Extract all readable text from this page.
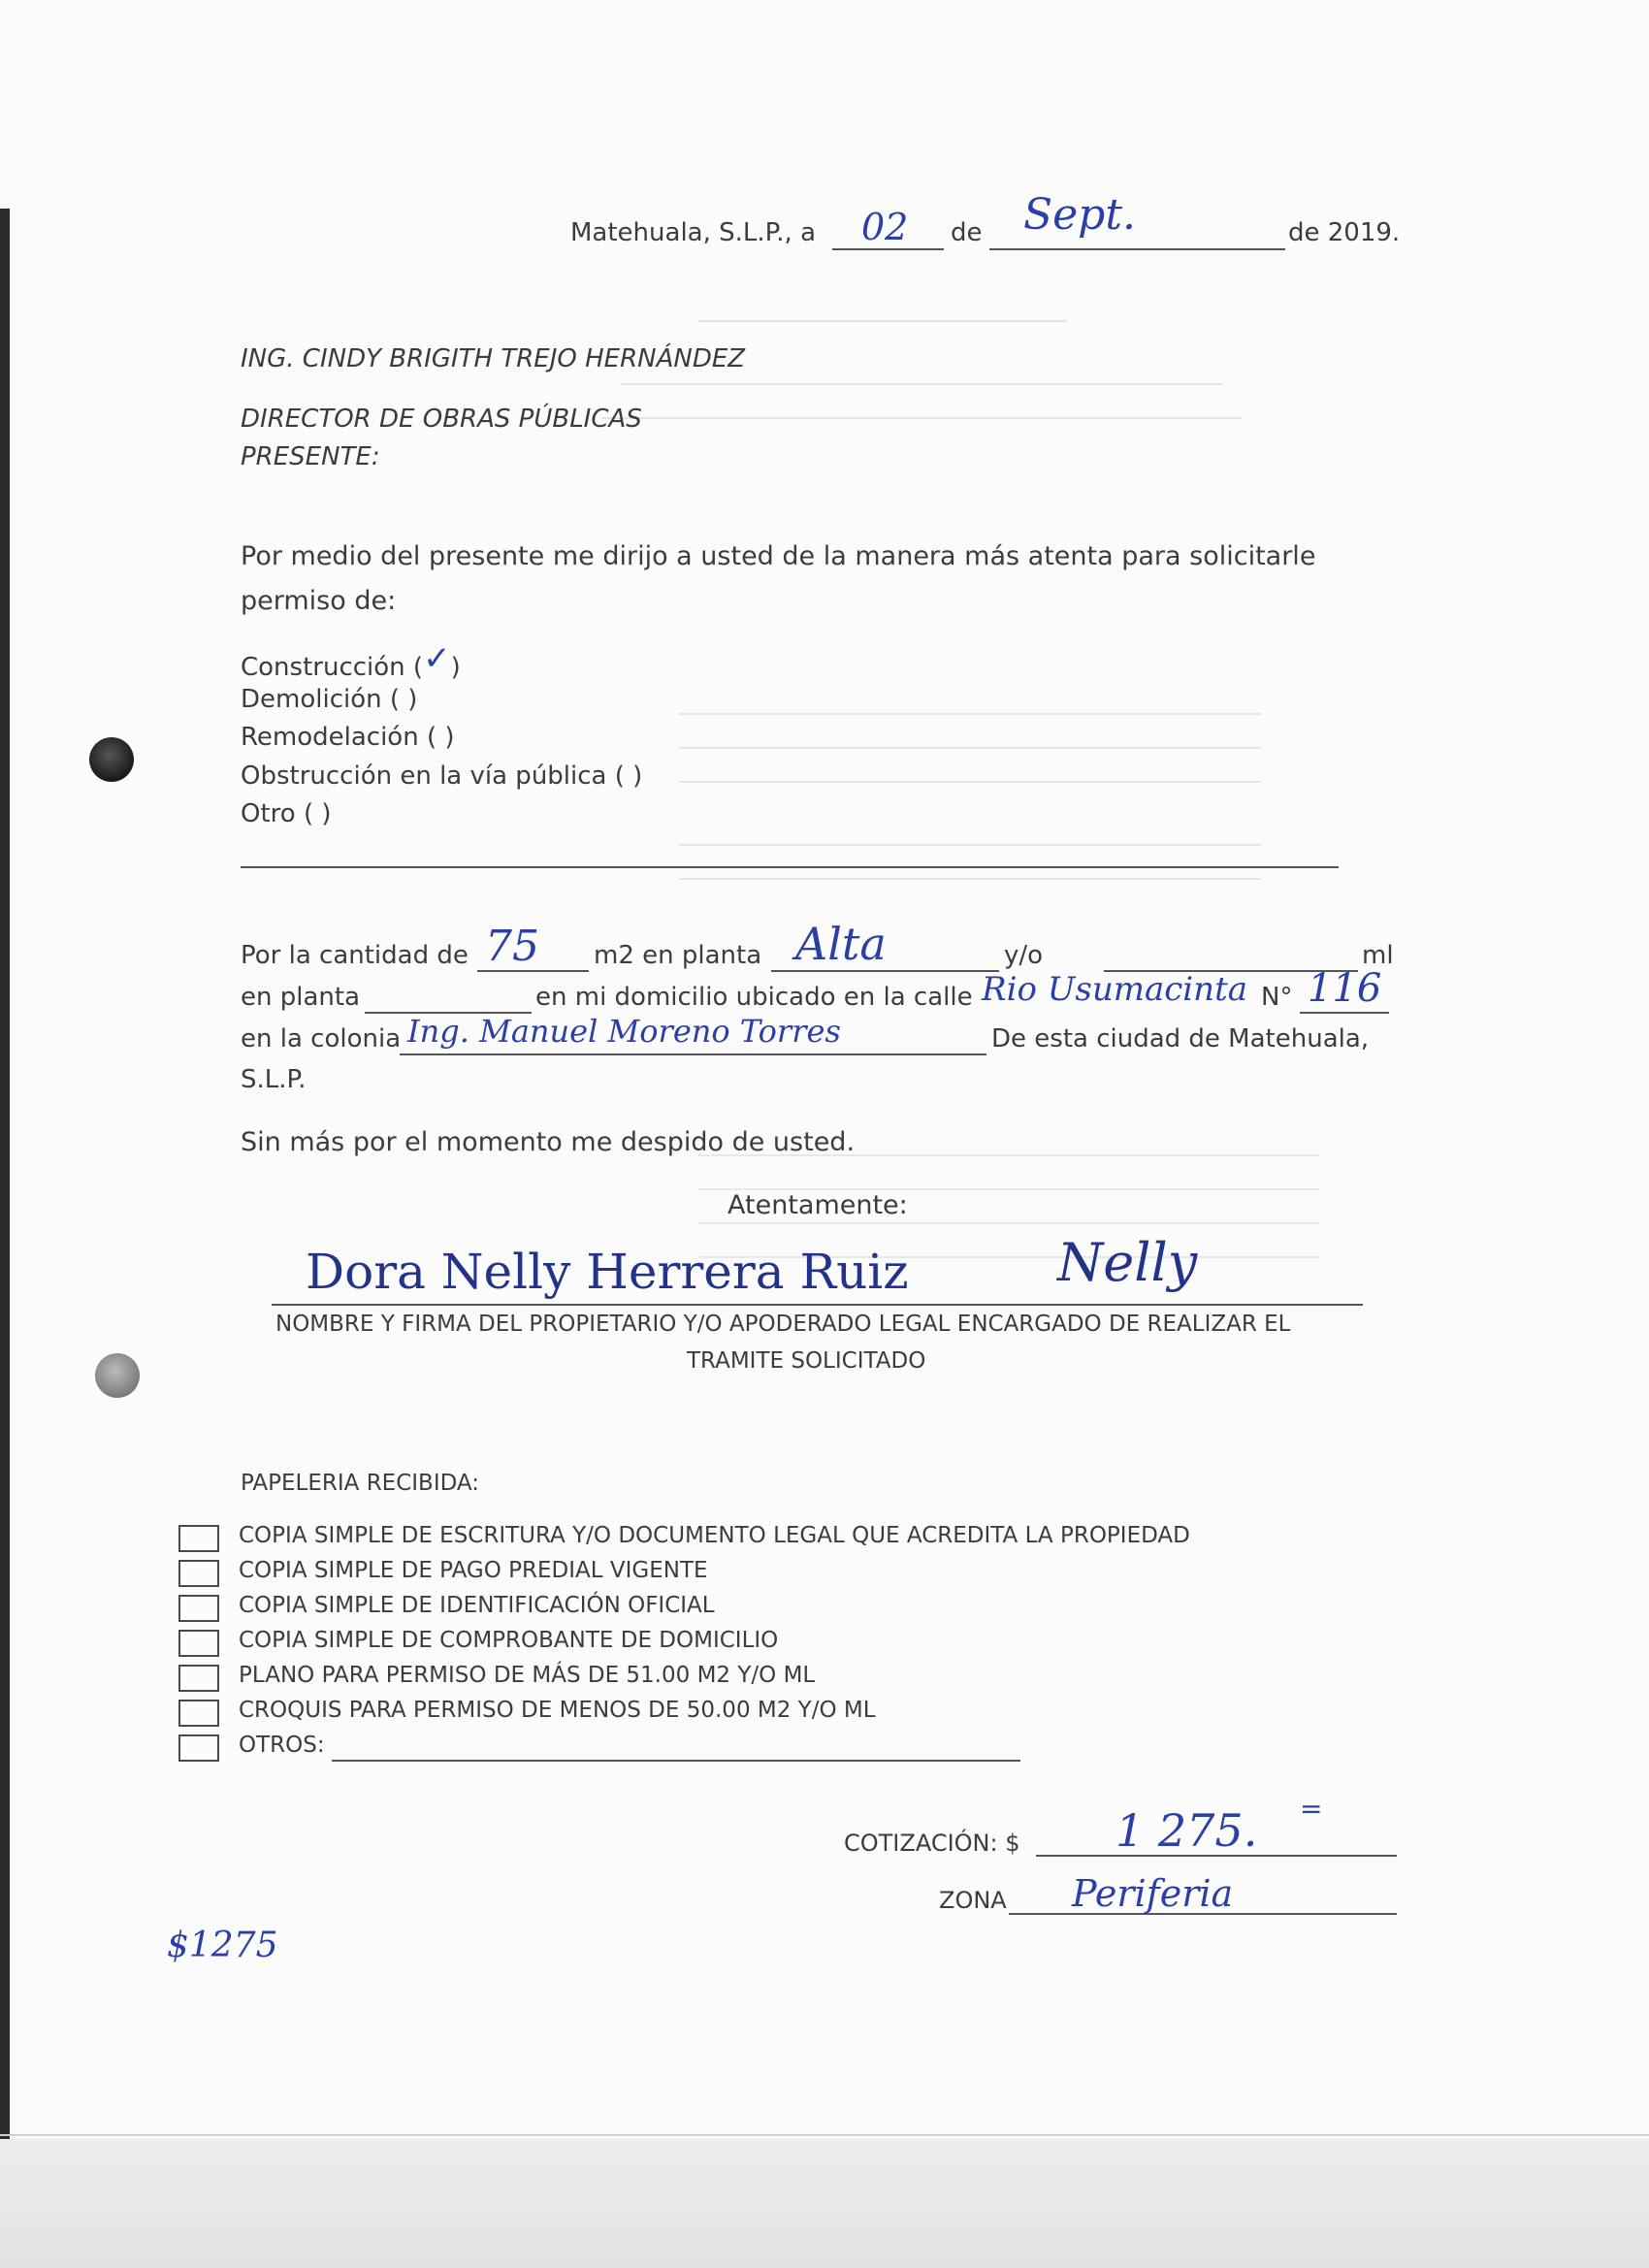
Matehuala, S.L.P., a 02 de Sept.	de 2019.
ING. CINDY BRIGITH TREJO HERNÁNDEZ
DIRECTOR DE OBRAS PÚBLICAS
PRESENTE:
Por medio del presente me dirijo a usted de la manera más atenta para solicitarle
permiso de:
Construcción (✓)
Demolición ( )
Remodelación ( )
Obstrucción en la vía pública ( )
Otro ( )
Por la cantidad de 75 m2 en planta Alta	y/o	ml
en planta	en mi domicilio ubicado en la calle Rio Usumacinta N° 116
en la colonia Ing. Manuel Moreno Torres	De esta ciudad de Matehuala,
S.L.P.
Sin más por el momento me despido de usted.
Atentamente:
Dora Nelly Herrera Ruiz	Nelly
NOMBRE Y FIRMA DEL PROPIETARIO Y/O APODERADO LEGAL ENCARGADO DE REALIZAR EL
TRAMITE SOLICITADO
PAPELERIA RECIBIDA:
COPIA SIMPLE DE ESCRITURA Y/O DOCUMENTO LEGAL QUE ACREDITA LA PROPIEDAD
COPIA SIMPLE DE PAGO PREDIAL VIGENTE
COPIA SIMPLE DE IDENTIFICACIÓN OFICIAL
COPIA SIMPLE DE COMPROBANTE DE DOMICILIO
PLANO PARA PERMISO DE MÁS DE 51.00 M2 Y/O ML
CROQUIS PARA PERMISO DE MENOS DE 50.00 M2 Y/O ML
OTROS:
COTIZACIÓN: $ 1 275. =
ZONA Periferia
$1275
